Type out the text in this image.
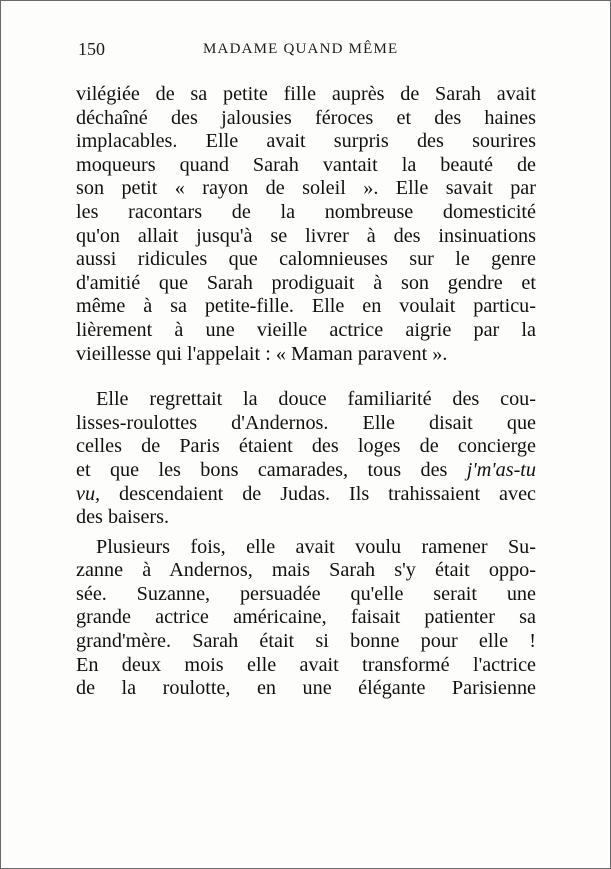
150	MADAME QUAND MÊME

vilégiée de sa petite fille auprès de Sarah avait
déchaîné des jalousies féroces et des haines
implacables. Elle avait surpris des sourires
moqueurs quand Sarah vantait la beauté de
son petit « rayon de soleil ». Elle savait par
les racontars de la nombreuse domesticité
qu'on allait jusqu'à se livrer à des insinuations
aussi ridicules que calomnieuses sur le genre
d'amitié que Sarah prodiguait à son gendre et
même à sa petite-fille. Elle en voulait particu-
lièrement à une vieille actrice aigrie par la
vieillesse qui l'appelait : « Maman paravent ».

Elle regrettait la douce familiarité des cou-
lisses-roulottes d'Andernos. Elle disait que
celles de Paris étaient des loges de concierge
et que les bons camarades, tous des j'm'as-tu
vu, descendaient de Judas. Ils trahissaient avec
des baisers.

Plusieurs fois, elle avait voulu ramener Su-
zanne à Andernos, mais Sarah s'y était oppo-
sée. Suzanne, persuadée qu'elle serait une
grande actrice américaine, faisait patienter sa
grand'mère. Sarah était si bonne pour elle !
En deux mois elle avait transformé l'actrice
de la roulotte, en une élégante Parisienne
